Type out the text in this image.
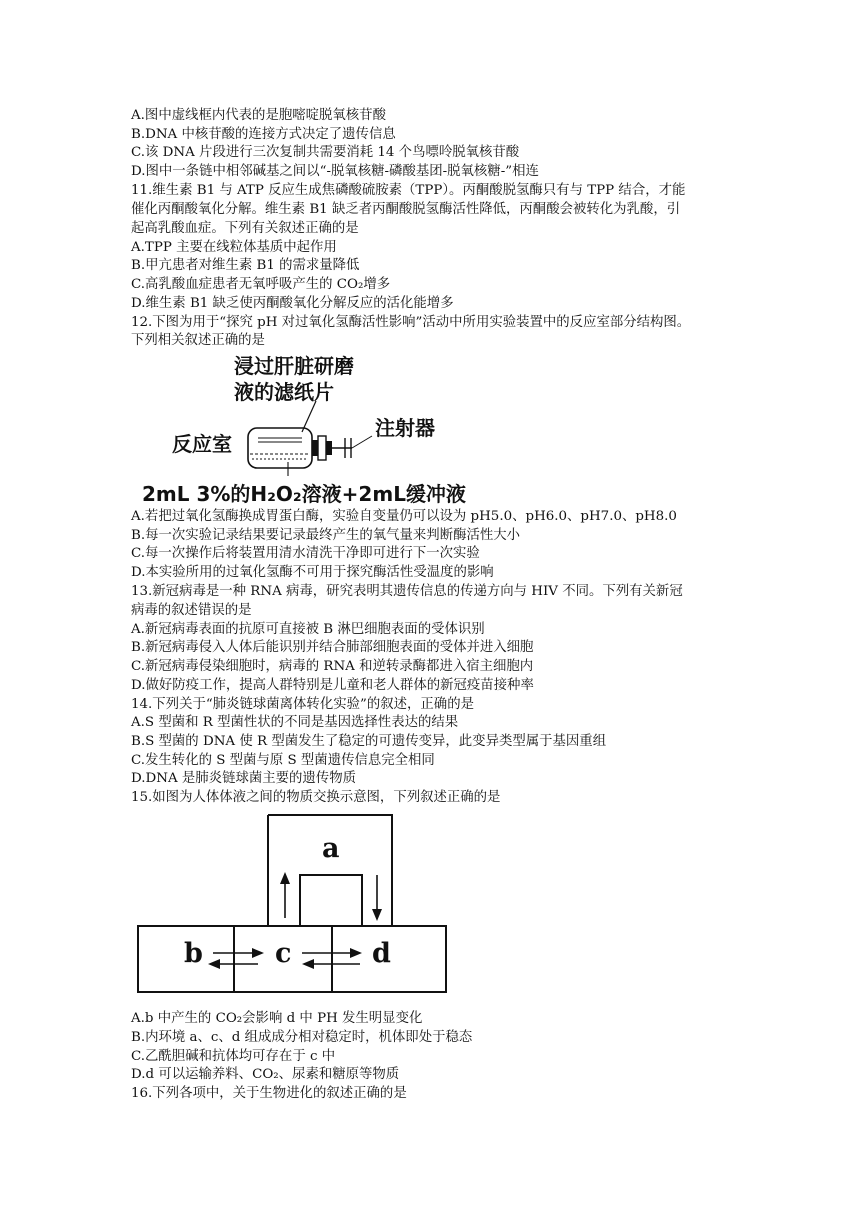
A.图中虚线框内代表的是胞嘧啶脱氧核苷酸
B.DNA 中核苷酸的连接方式决定了遗传信息
C.该 DNA 片段进行三次复制共需要消耗 14 个鸟嘌呤脱氧核苷酸
D.图中一条链中相邻碱基之间以“-脱氧核糖-磷酸基团-脱氧核糖-”相连
11.维生素 B1 与 ATP 反应生成焦磷酸硫胺素（TPP）。丙酮酸脱氢酶只有与 TPP 结合，才能
催化丙酮酸氧化分解。维生素 B1 缺乏者丙酮酸脱氢酶活性降低，丙酮酸会被转化为乳酸，引
起高乳酸血症。下列有关叙述正确的是
A.TPP 主要在线粒体基质中起作用
B.甲亢患者对维生素 B1 的需求量降低
C.高乳酸血症患者无氧呼吸产生的 CO₂增多
D.维生素 B1 缺乏使丙酮酸氧化分解反应的活化能增多
12.下图为用于“探究 pH 对过氧化氢酶活性影响”活动中所用实验装置中的反应室部分结构图。
下列相关叙述正确的是
浸过肝脏研磨
液的滤纸片
注射器
反应室
2mL 3%的H₂O₂溶液+2mL缓冲液
A.若把过氧化氢酶换成胃蛋白酶，实验自变量仍可以设为 pH5.0、pH6.0、pH7.0、pH8.0
B.每一次实验记录结果要记录最终产生的氧气量来判断酶活性大小
C.每一次操作后将装置用清水清洗干净即可进行下一次实验
D.本实验所用的过氧化氢酶不可用于探究酶活性受温度的影响
13.新冠病毒是一种 RNA 病毒，研究表明其遗传信息的传递方向与 HIV 不同。下列有关新冠
病毒的叙述错误的是
A.新冠病毒表面的抗原可直接被 B 淋巴细胞表面的受体识别
B.新冠病毒侵入人体后能识别并结合肺部细胞表面的受体并进入细胞
C.新冠病毒侵染细胞时，病毒的 RNA 和逆转录酶都进入宿主细胞内
D.做好防疫工作，提高人群特别是儿童和老人群体的新冠疫苗接种率
14.下列关于“肺炎链球菌离体转化实验”的叙述，正确的是
A.S 型菌和 R 型菌性状的不同是基因选择性表达的结果
B.S 型菌的 DNA 使 R 型菌发生了稳定的可遗传变异，此变异类型属于基因重组
C.发生转化的 S 型菌与原 S 型菌遗传信息完全相同
D.DNA 是肺炎链球菌主要的遗传物质
15.如图为人体体液之间的物质交换示意图，下列叙述正确的是
a
b	c	d
A.b 中产生的 CO₂会影响 d 中 PH 发生明显变化
B.内环境 a、c、d 组成成分相对稳定时，机体即处于稳态
C.乙酰胆碱和抗体均可存在于 c 中
D.d 可以运输养料、CO₂、尿素和糖原等物质
16.下列各项中，关于生物进化的叙述正确的是
